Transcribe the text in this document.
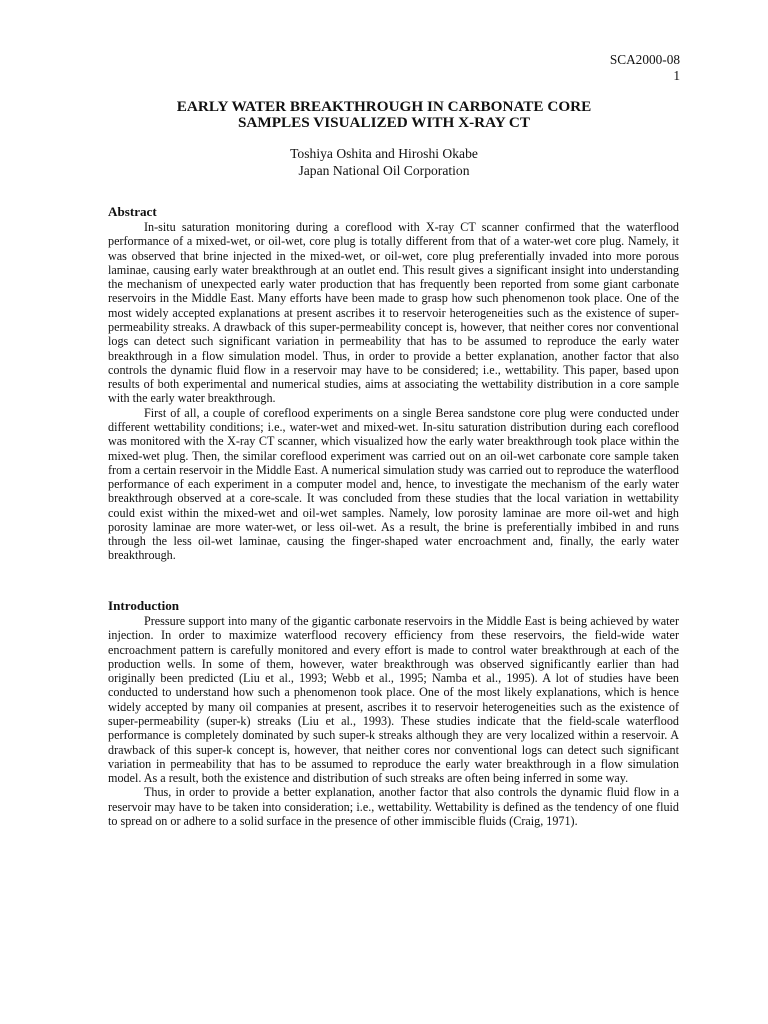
SCA2000-08
1
EARLY WATER BREAKTHROUGH IN CARBONATE CORE
SAMPLES VISUALIZED WITH X-RAY CT
Toshiya Oshita and Hiroshi Okabe
Japan National Oil Corporation
Abstract

In-situ saturation monitoring during a coreflood with X-ray CT scanner confirmed that the waterflood performance of a mixed-wet, or oil-wet, core plug is totally different from that of a water-wet core plug. Namely, it was observed that brine injected in the mixed-wet, or oil-wet, core plug preferentially invaded into more porous laminae, causing early water breakthrough at an outlet end. This result gives a significant insight into understanding the mechanism of unexpected early water production that has frequently been reported from some giant carbonate reservoirs in the Middle East. Many efforts have been made to grasp how such phenomenon took place. One of the most widely accepted explanations at present ascribes it to reservoir heterogeneities such as the existence of super-permeability streaks. A drawback of this super-permeability concept is, however, that neither cores nor conventional logs can detect such significant variation in permeability that has to be assumed to reproduce the early water breakthrough in a flow simulation model. Thus, in order to provide a better explanation, another factor that also controls the dynamic fluid flow in a reservoir may have to be considered; i.e., wettability. This paper, based upon results of both experimental and numerical studies, aims at associating the wettability distribution in a core sample with the early water breakthrough.

First of all, a couple of coreflood experiments on a single Berea sandstone core plug were conducted under different wettability conditions; i.e., water-wet and mixed-wet. In-situ saturation distribution during each coreflood was monitored with the X-ray CT scanner, which visualized how the early water breakthrough took place within the mixed-wet plug. Then, the similar coreflood experiment was carried out on an oil-wet carbonate core sample taken from a certain reservoir in the Middle East. A numerical simulation study was carried out to reproduce the waterflood performance of each experiment in a computer model and, hence, to investigate the mechanism of the early water breakthrough observed at a core-scale. It was concluded from these studies that the local variation in wettability could exist within the mixed-wet and oil-wet samples. Namely, low porosity laminae are more oil-wet and high porosity laminae are more water-wet, or less oil-wet. As a result, the brine is preferentially imbibed in and runs through the less oil-wet laminae, causing the finger-shaped water encroachment and, finally, the early water breakthrough.

Introduction

Pressure support into many of the gigantic carbonate reservoirs in the Middle East is being achieved by water injection. In order to maximize waterflood recovery efficiency from these reservoirs, the field-wide water encroachment pattern is carefully monitored and every effort is made to control water breakthrough at each of the production wells. In some of them, however, water breakthrough was observed significantly earlier than had originally been predicted (Liu et al., 1993; Webb et al., 1995; Namba et al., 1995). A lot of studies have been conducted to understand how such a phenomenon took place. One of the most likely explanations, which is hence widely accepted by many oil companies at present, ascribes it to reservoir heterogeneities such as the existence of super-permeability (super-k) streaks (Liu et al., 1993). These studies indicate that the field-scale waterflood performance is completely dominated by such super-k streaks although they are very localized within a reservoir. A drawback of this super-k concept is, however, that neither cores nor conventional logs can detect such significant variation in permeability that has to be assumed to reproduce the early water breakthrough in a flow simulation model. As a result, both the existence and distribution of such streaks are often being inferred in some way.

Thus, in order to provide a better explanation, another factor that also controls the dynamic fluid flow in a reservoir may have to be taken into consideration; i.e., wettability. Wettability is defined as the tendency of one fluid to spread on or adhere to a solid surface in the presence of other immiscible fluids (Craig, 1971).
